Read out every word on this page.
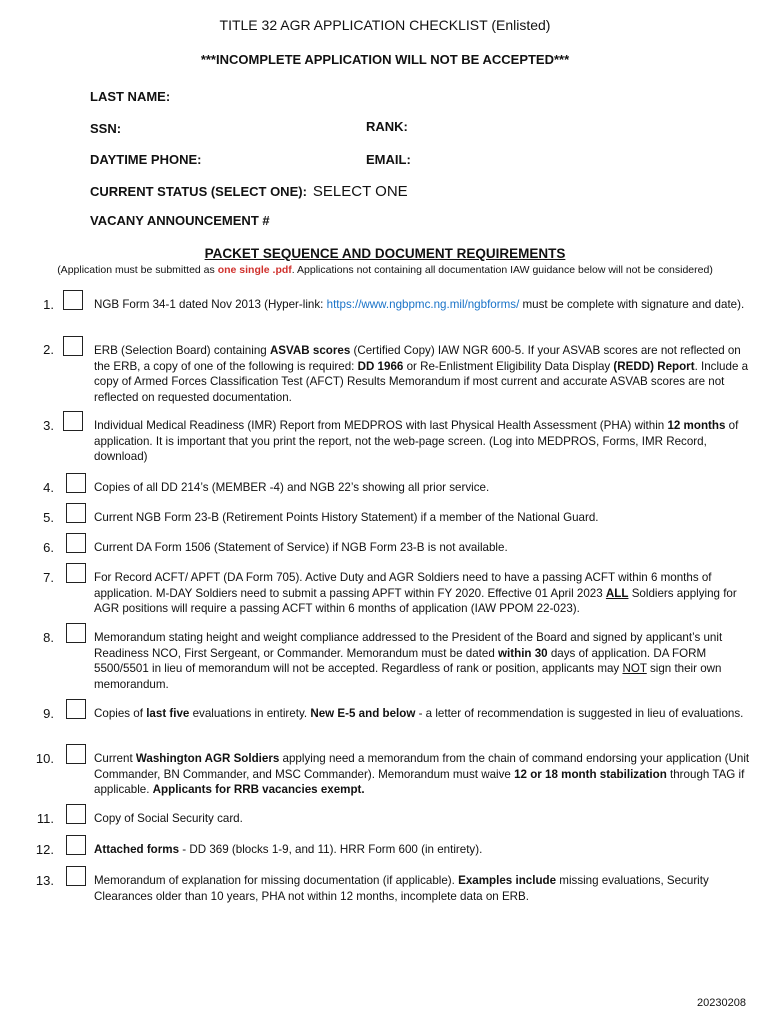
TITLE 32 AGR APPLICATION CHECKLIST (Enlisted)
***INCOMPLETE APPLICATION WILL NOT BE ACCEPTED***
LAST NAME:
SSN:	RANK:
DAYTIME PHONE:	EMAIL:
CURRENT STATUS (SELECT ONE): SELECT ONE
VACANY ANNOUNCEMENT #
PACKET SEQUENCE AND DOCUMENT REQUIREMENTS
(Application must be submitted as one single .pdf. Applications not containing all documentation IAW guidance below will not be considered)
1.	NGB Form 34-1 dated Nov 2013 (Hyper-link: https://www.ngbpmc.ng.mil/ngbforms/ must be complete with signature and date).
2.	ERB (Selection Board) containing ASVAB scores (Certified Copy) IAW NGR 600-5. If your ASVAB scores are not reflected on the ERB, a copy of one of the following is required: DD 1966 or Re-Enlistment Eligibility Data Display (REDD) Report. Include a copy of Armed Forces Classification Test (AFCT) Results Memorandum if most current and accurate ASVAB scores are not reflected on requested documentation.
3.	Individual Medical Readiness (IMR) Report from MEDPROS with last Physical Health Assessment (PHA) within 12 months of application. It is important that you print the report, not the web-page screen. (Log into MEDPROS, Forms, IMR Record, download)
4.	Copies of all DD 214’s (MEMBER -4) and NGB 22’s showing all prior service.
5.	Current NGB Form 23-B (Retirement Points History Statement) if a member of the National Guard.
6.	Current DA Form 1506 (Statement of Service) if NGB Form 23-B is not available.
7.	For Record ACFT/ APFT (DA Form 705). Active Duty and AGR Soldiers need to have a passing ACFT within 6 months of application. M-DAY Soldiers need to submit a passing APFT within FY 2020. Effective 01 April 2023 ALL Soldiers applying for AGR positions will require a passing ACFT within 6 months of application (IAW PPOM 22-023).
8.	Memorandum stating height and weight compliance addressed to the President of the Board and signed by applicant’s unit Readiness NCO, First Sergeant, or Commander. Memorandum must be dated within 30 days of application. DA FORM 5500/5501 in lieu of memorandum will not be accepted. Regardless of rank or position, applicants may NOT sign their own memorandum.
9.	Copies of last five evaluations in entirety. New E-5 and below - a letter of recommendation is suggested in lieu of evaluations.
10.	Current Washington AGR Soldiers applying need a memorandum from the chain of command endorsing your application (Unit Commander, BN Commander, and MSC Commander). Memorandum must waive 12 or 18 month stabilization through TAG if applicable. Applicants for RRB vacancies exempt.
11.	Copy of Social Security card.
12.	Attached forms - DD 369 (blocks 1-9, and 11). HRR Form 600 (in entirety).
13.	Memorandum of explanation for missing documentation (if applicable). Examples include missing evaluations, Security Clearances older than 10 years, PHA not within 12 months, incomplete data on ERB.
20230208
